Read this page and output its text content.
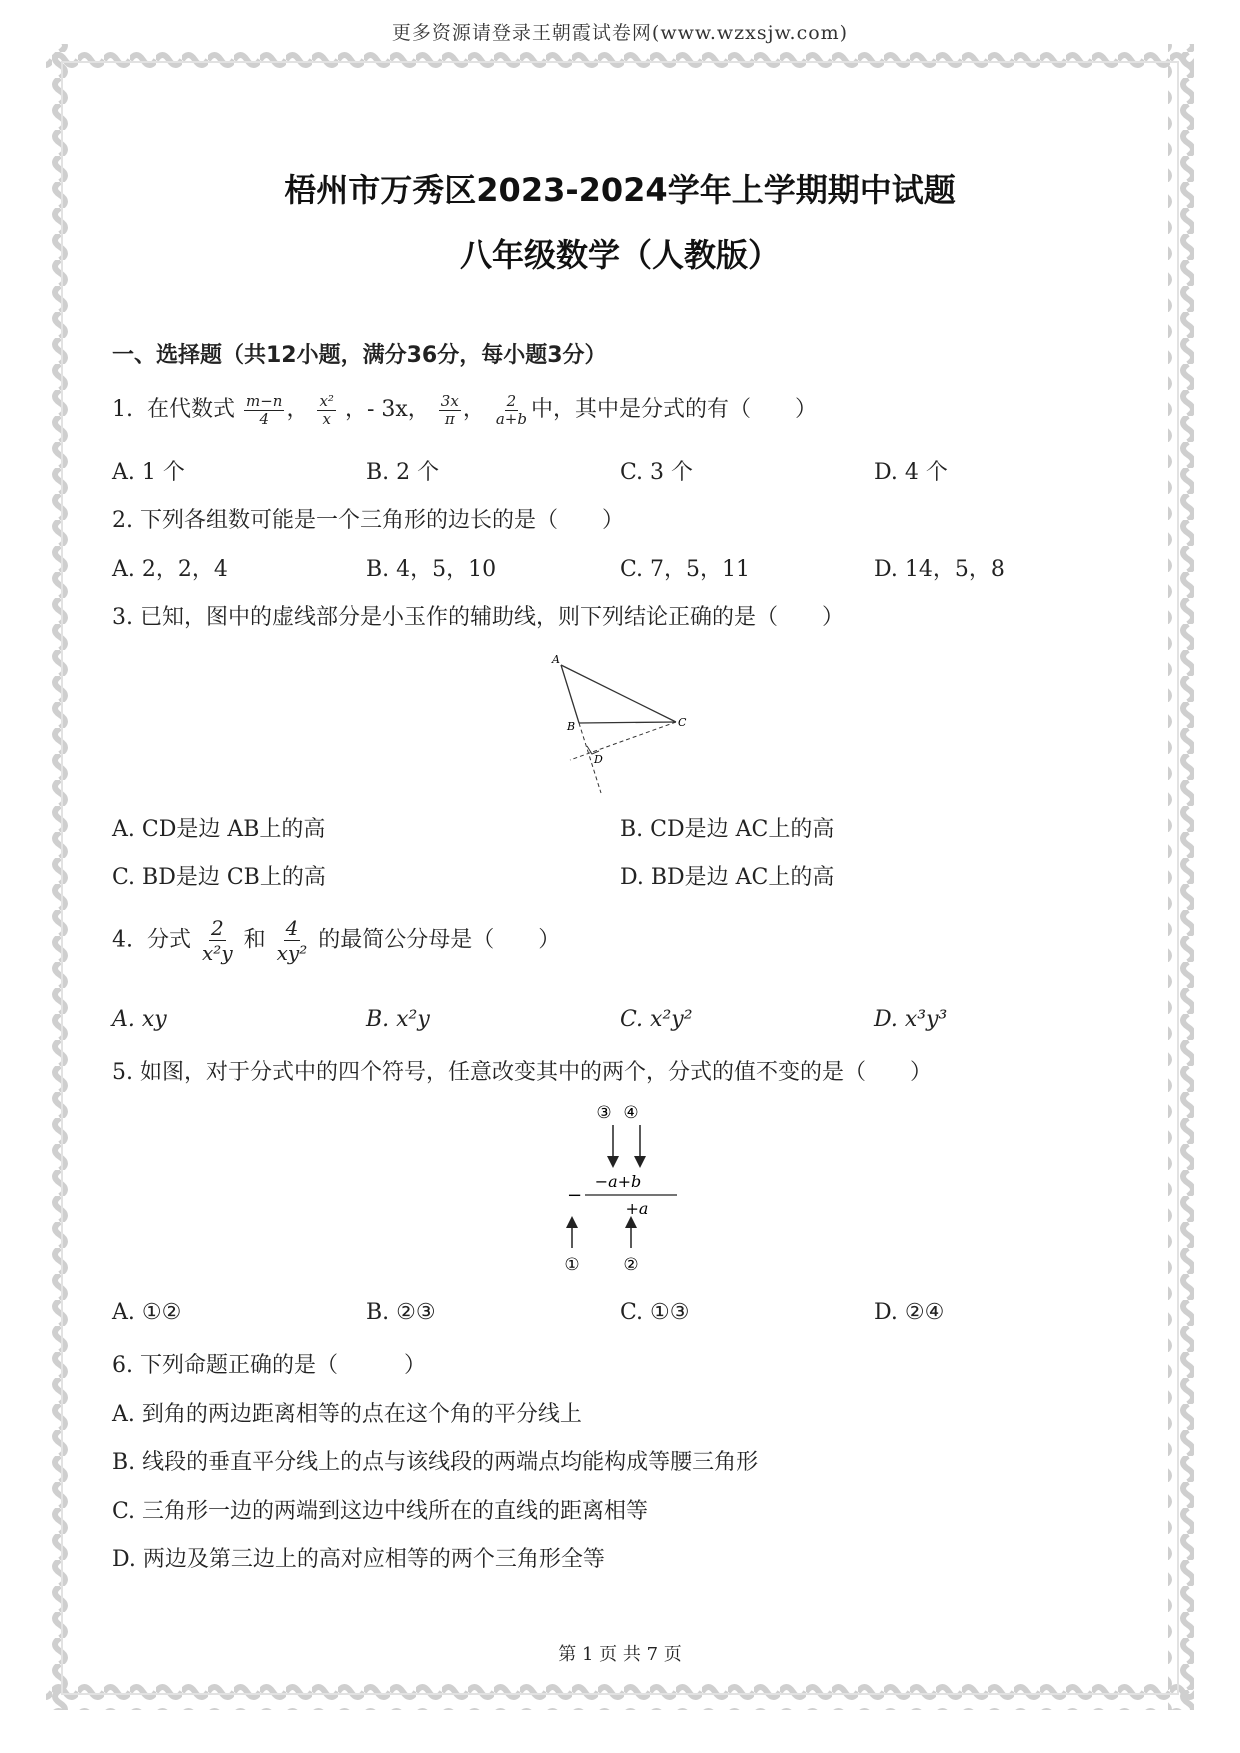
更多资源请登录王朝霞试卷网(www.wzxsjw.com)
梧州市万秀区2023-2024学年上学期期中试题
八年级数学（人教版）
一、选择题（共12小题，满分36分，每小题3分）
1. 在代数式 $\frac{m-n}{4}$ ， $\frac{\text{x²}}{x}$ ，- 3x， $\frac{3x}{\pi}$ ， $\frac{2}{a+b}$ 中，其中是分式的有（　　）
A. 1 个	B. 2 个	C. 3 个	D. 4 个
2. 下列各组数可能是一个三角形的边长的是（　　）
A. 2，2，4	B. 4，5，10	C. 7，5，11	D. 14，5，8
3. 已知，图中的虚线部分是小玉作的辅助线，则下列结论正确的是（　　）
A
B	C
D
A. CD是边 AB上的高	B. CD是边 AC上的高
C. BD是边 CB上的高	D. BD是边 AC上的高
4. 分式 $\frac{2}{\text{x²y}}$ 和 $\frac{4}{\text{xy²}}$ 的最简公分母是（　　）
A. xy	B. x²y	C. x²y²	D. x³y³
5. 如图，对于分式中的四个符号，任意改变其中的两个，分式的值不变的是（　　）
③ ④
−
−a+b
+a
①	②
A. ①②	B. ②③	C. ①③	D. ②④
6. 下列命题正确的是（　　　）
A. 到角的两边距离相等的点在这个角的平分线上
B. 线段的垂直平分线上的点与该线段的两端点均能构成等腰三角形
C. 三角形一边的两端到这边中线所在的直线的距离相等
D. 两边及第三边上的高对应相等的两个三角形全等
第 1 页 共 7 页
